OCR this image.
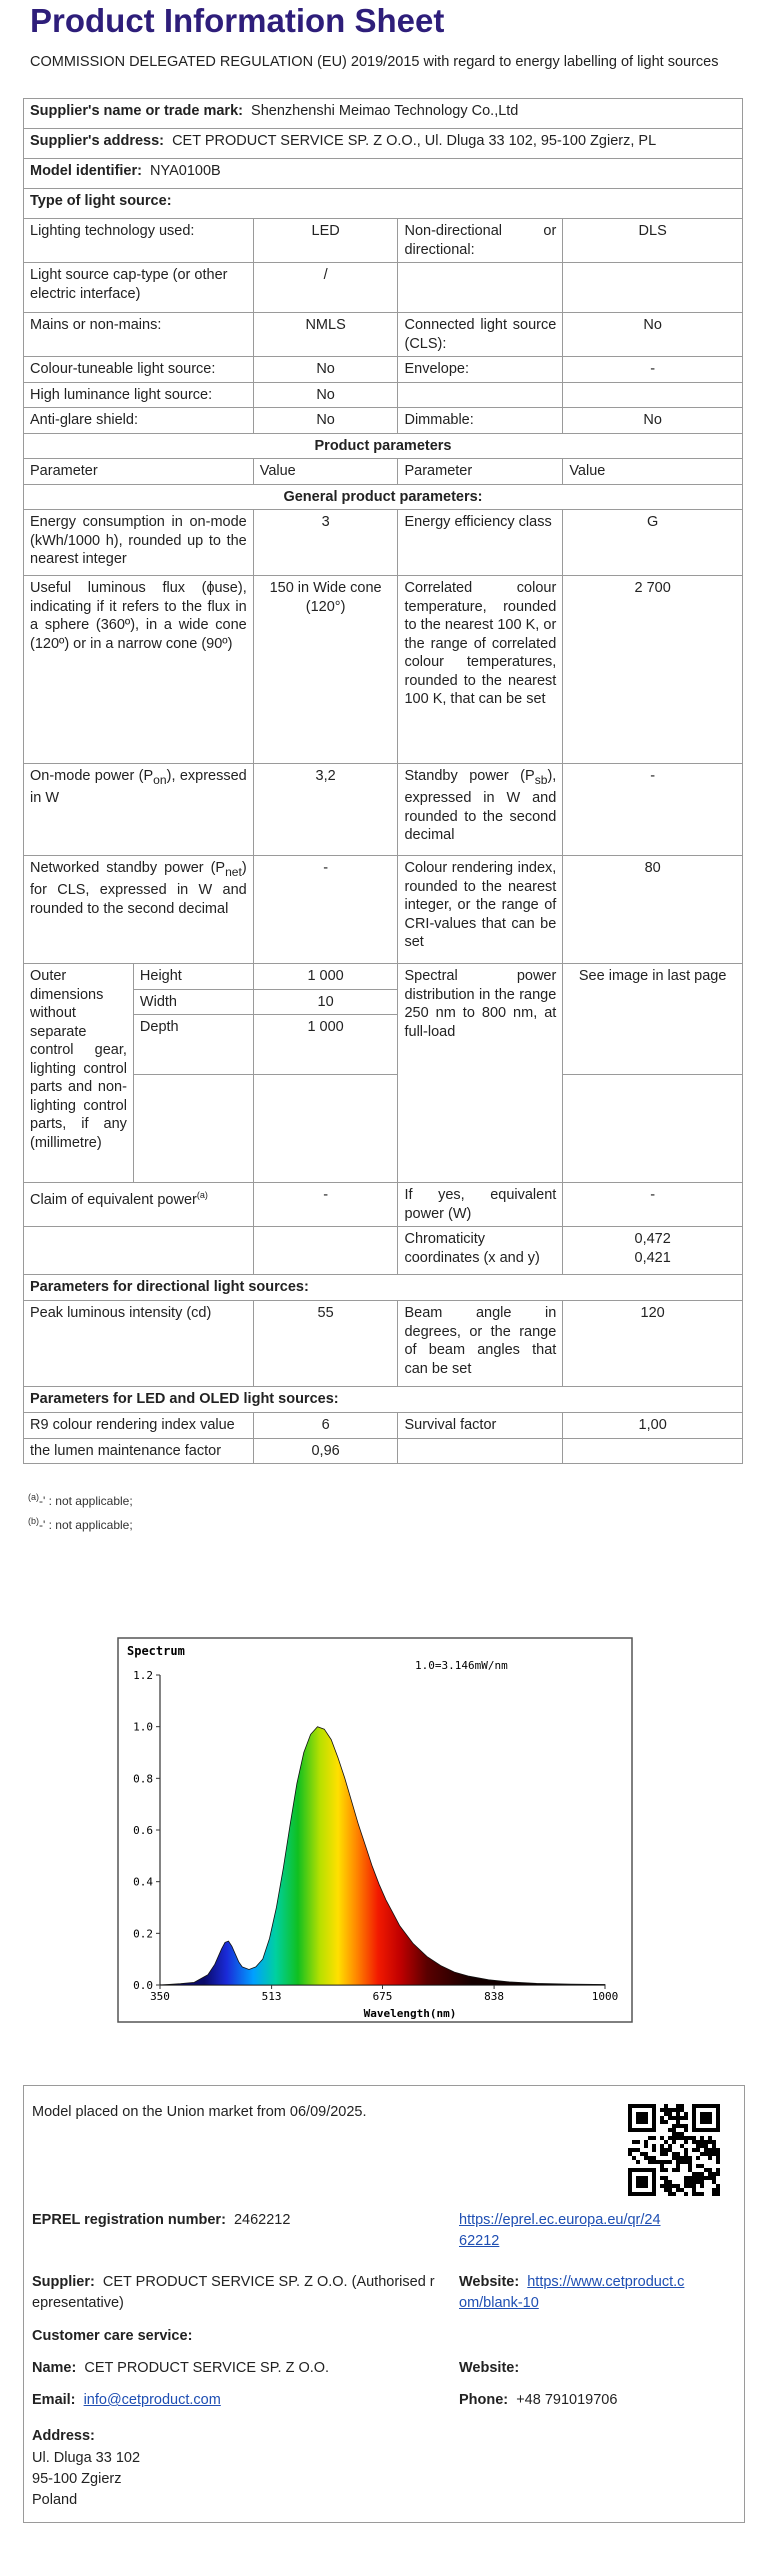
Product Information Sheet
COMMISSION DELEGATED REGULATION (EU) 2019/2015 with regard to energy labelling of light sources
Supplier's name or trade mark: Shenzhenshi Meimao Technology Co.,Ltd				
Supplier's address: CET PRODUCT SERVICE SP. Z O.O., Ul. Dluga 33 102, 95-100 Zgierz, PL				
Model identifier: NYA0100B				
Type of light source:				
Lighting technology used:		LED	Non-directional or directional:	DLS
Light source cap-type (or other electric interface)		/		
Mains or non-mains:		NMLS	Connected light source (CLS):	No
Colour-tuneable light source:		No	Envelope:	-
High luminance light source:		No		
Anti-glare shield:		No	Dimmable:	No
Product parameters				
Parameter		Value	Parameter	Value
General product parameters:				
Energy consumption in on-mode (kWh/1000 h), rounded up to the nearest integer		3	Energy efficiency class	G
Useful luminous flux (ɸuse), indicating if it refers to the flux in a sphere (360º), in a wide cone (120º) or in a narrow cone (90º)		150 in Wide cone (120°)	Correlated colour temperature, rounded to the nearest 100 K, or the range of correlated colour temperatures, rounded to the nearest 100 K, that can be set	2 700
On-mode power $(P_{on})$, expressed in W		3,2	Standby power $(P_{sb})$, expressed in W and rounded to the second decimal	-
Networked standby power $(P_{net})$ for CLS, expressed in W and rounded to the second decimal		-	Colour rendering index, rounded to the nearest integer, or the range of CRI-values that can be set	80
Outer dimensions without separate control gear, lighting control parts and non-lighting control parts, if any (millimetre)	Height	1 000	Spectral power distribution in the range 250 nm to 800 nm, at full-load	See image in last page
	Width	10		
	Depth	1 000		

Claim of equivalent power$^{(a)}$		-	If yes, equivalent power (W)	-
			Chromaticity coordinates (x and y)	0,472
0,421

Parameters for directional light sources:				
Peak luminous intensity (cd)		55	Beam angle in degrees, or the range of beam angles that can be set	120
Parameters for LED and OLED light sources:				
R9 colour rendering index value		6	Survival factor	1,00
the lumen maintenance factor		0,96		
$^{(a)}$-' : not applicable;
$^{(b)}$-' : not applicable;
0.0
0.2
0.4
0.6
0.8
1.0
1.2
350	513	675	838	1000
Spectrum
1.0=3.146mW/nm
Wavelength(nm)
Model placed on the Union market from 06/09/2025.
EPREL registration number: 2462212	https://eprel.ec.europa.eu/qr/24
62212
Supplier: CET PRODUCT SERVICE SP. Z O.O. (Authorised r
epresentative)
Website: https://www.cetproduct.c
om/blank-10
Customer care service:
Name: CET PRODUCT SERVICE SP. Z O.O.	Website:
Email: info@cetproduct.com	Phone: +48 791019706
Address:
Ul. Dluga 33 102
95-100 Zgierz
Poland
